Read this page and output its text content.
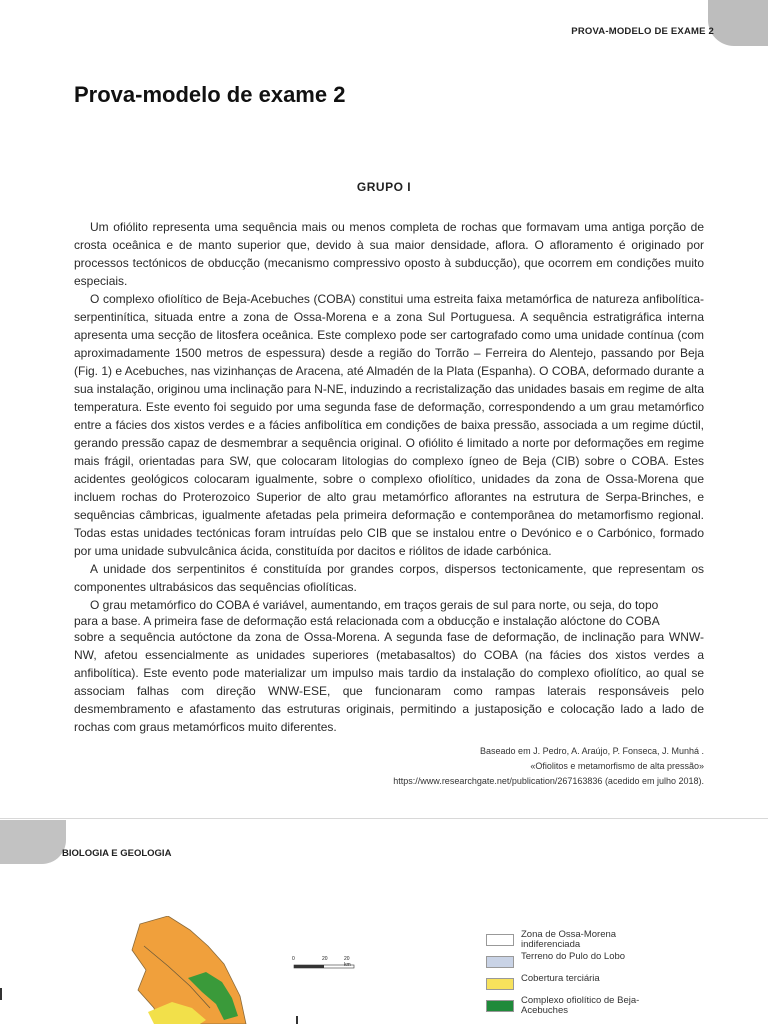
PROVA-MODELO DE EXAME 2
Prova-modelo de exame 2
GRUPO I

Um ofiólito representa uma sequência mais ou menos completa de rochas que formavam uma antiga porção de crosta oceânica e de manto superior que, devido à sua maior densidade, aflora. O afloramento é originado por processos tectónicos de obducção (mecanismo compressivo oposto à subducção), que ocorrem em condições muito especiais.

O complexo ofiolítico de Beja-Acebuches (COBA) constitui uma estreita faixa metamórfica de natureza anfibolítica-serpentinítica, situada entre a zona de Ossa-Morena e a zona Sul Portuguesa. A sequência estratigráfica interna apresenta uma secção de litosfera oceânica. Este complexo pode ser cartografado como uma unidade contínua (com aproximadamente 1500 metros de espessura) desde a região do Torrão – Ferreira do Alentejo, passando por Beja (Fig. 1) e Acebuches, nas vizinhanças de Aracena, até Almadén de la Plata (Espanha). O COBA, deformado durante a sua instalação, originou uma inclinação para N-NE, induzindo a recristalização das unidades basais em regime de alta temperatura. Este evento foi seguido por uma segunda fase de deformação, correspondendo a um grau metamórfico entre a fácies dos xistos verdes e a fácies anfibolítica em condições de baixa pressão, associada a um regime dúctil, gerando pressão capaz de desmembrar a sequência original. O ofiólito é limitado a norte por deformações em regime mais frágil, orientadas para SW, que colocaram litologias do complexo ígneo de Beja (CIB) sobre o COBA. Estes acidentes geológicos colocaram igualmente, sobre o complexo ofiolítico, unidades da zona de Ossa-Morena que incluem rochas do Proterozoico Superior de alto grau metamórfico aflorantes na estrutura de Serpa-Brinches, e sequências câmbricas, igualmente afetadas pela primeira deformação e contemporânea do metamorfismo regional. Todas estas unidades tectónicas foram intruídas pelo CIB que se instalou entre o Devónico e o Carbónico, formado por uma unidade subvulcânica ácida, constituída por dacitos e riólitos de idade carbónica.

A unidade dos serpentinitos é constituída por grandes corpos, dispersos tectonicamente, que representam os componentes ultrabásicos das sequências ofiolíticas.

O grau metamórfico do COBA é variável, aumentando, em traços gerais de sul para norte, ou seja, do topo

para a base. A primeira fase de deformação está relacionada com a obducção e instalação alóctone do COBA
sobre a sequência autóctone da zona de Ossa-Morena. A segunda fase de deformação, de inclinação para WNW-NW, afetou essencialmente as unidades superiores (metabasaltos) do COBA (na fácies dos xistos verdes a anfibolítica). Este evento pode materializar um impulso mais tardio da instalação do complexo ofiolítico, ao qual se associam falhas com direção WNW-ESE, que funcionaram como rampas laterais responsáveis pelo desmembramento e afastamento das estruturas originais, permitindo a justaposição e colocação lado a lado de rochas com graus metamórficos muito diferentes.
Baseado em J. Pedro, A. Araújo, P. Fonseca, J. Munhá .
«Ofiolitos e metamorfismo de alta pressão»
https://www.researchgate.net/publication/267163836 (acedido em julho 2018).
BIOLOGIA E GEOLOGIA
0	20	20 km
Zona de Ossa-Morena indiferenciada
Terreno do Pulo do Lobo
Cobertura terciária
Complexo ofiolítico de Beja-Acebuches
